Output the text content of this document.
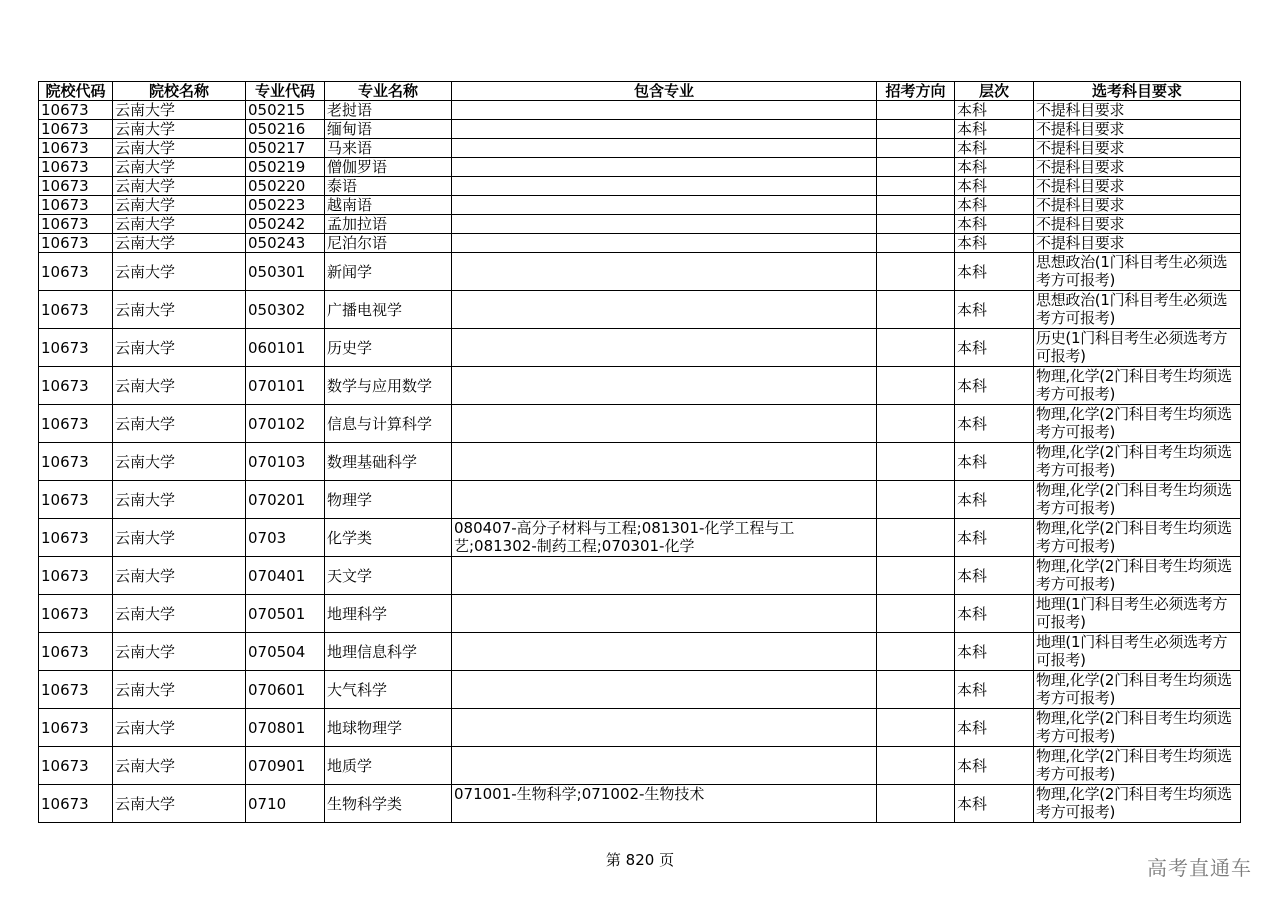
院校代码	院校名称	专业代码	专业名称	包含专业	招考方向	层次	选考科目要求
10673	云南大学	050215	老挝语			本科	不提科目要求
10673	云南大学	050216	缅甸语			本科	不提科目要求
10673	云南大学	050217	马来语			本科	不提科目要求
10673	云南大学	050219	僧伽罗语			本科	不提科目要求
10673	云南大学	050220	泰语			本科	不提科目要求
10673	云南大学	050223	越南语			本科	不提科目要求
10673	云南大学	050242	孟加拉语			本科	不提科目要求
10673	云南大学	050243	尼泊尔语			本科	不提科目要求
10673	云南大学	050301	新闻学			本科	思想政治(1门科目考生必须选考方可报考)
10673	云南大学	050302	广播电视学			本科	思想政治(1门科目考生必须选考方可报考)
10673	云南大学	060101	历史学			本科	历史(1门科目考生必须选考方可报考)
10673	云南大学	070101	数学与应用数学			本科	物理,化学(2门科目考生均须选考方可报考)
10673	云南大学	070102	信息与计算科学			本科	物理,化学(2门科目考生均须选考方可报考)
10673	云南大学	070103	数理基础科学			本科	物理,化学(2门科目考生均须选考方可报考)
10673	云南大学	070201	物理学			本科	物理,化学(2门科目考生均须选考方可报考)
10673	云南大学	0703	化学类	080407-高分子材料与工程;081301-化学工程与工艺;081302-制药工程;070301-化学		本科	物理,化学(2门科目考生均须选考方可报考)
10673	云南大学	070401	天文学			本科	物理,化学(2门科目考生均须选考方可报考)
10673	云南大学	070501	地理科学			本科	地理(1门科目考生必须选考方可报考)
10673	云南大学	070504	地理信息科学			本科	地理(1门科目考生必须选考方可报考)
10673	云南大学	070601	大气科学			本科	物理,化学(2门科目考生均须选考方可报考)
10673	云南大学	070801	地球物理学			本科	物理,化学(2门科目考生均须选考方可报考)
10673	云南大学	070901	地质学			本科	物理,化学(2门科目考生均须选考方可报考)
10673	云南大学	0710	生物科学类	071001-生物科学;071002-生物技术		本科	物理,化学(2门科目考生均须选考方可报考)
第 820 页	高考直通车
